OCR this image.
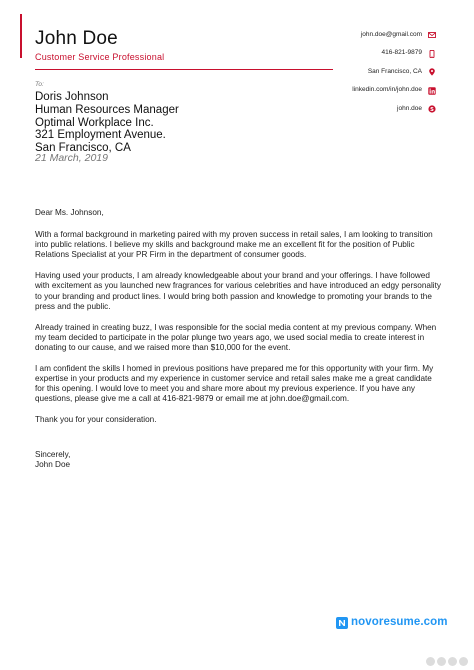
John Doe
Customer Service Professional
john.doe@gmail.com
416-821-9879
San Francisco, CA
linkedin.com/in/john.doe
john.doe S
To:
Doris Johnson
Human Resources Manager
Optimal Workplace Inc.
321 Employment Avenue.
San Francisco, CA
21 March, 2019

Dear Ms. Johnson,

With a formal background in marketing paired with my proven success in retail sales, I am looking to transition into public relations. I believe my skills and background make me an excellent fit for the position of Public Relations Specialist at your PR Firm in the department of consumer goods.

Having used your products, I am already knowledgeable about your brand and your offerings. I have followed with excitement as you launched new fragrances for various celebrities and have introduced an edgy personality to your branding and product lines. I would bring both passion and knowledge to promoting your brands to the press and the public.

Already trained in creating buzz, I was responsible for the social media content at my previous company. When my team decided to participate in the polar plunge two years ago, we used social media to create interest in donating to our cause, and we raised more than $10,000 for the event.

I am confident the skills I homed in previous positions have prepared me for this opportunity with your firm. My expertise in your products and my experience in customer service and retail sales make me a great candidate for this opening. I would love to meet you and share more about my previous experience. If you have any questions, please give me a call at 416-821-9879 or email me at john.doe@gmail.com.

Thank you for your consideration.

Sincerely,

John Doe

novoresume.com
